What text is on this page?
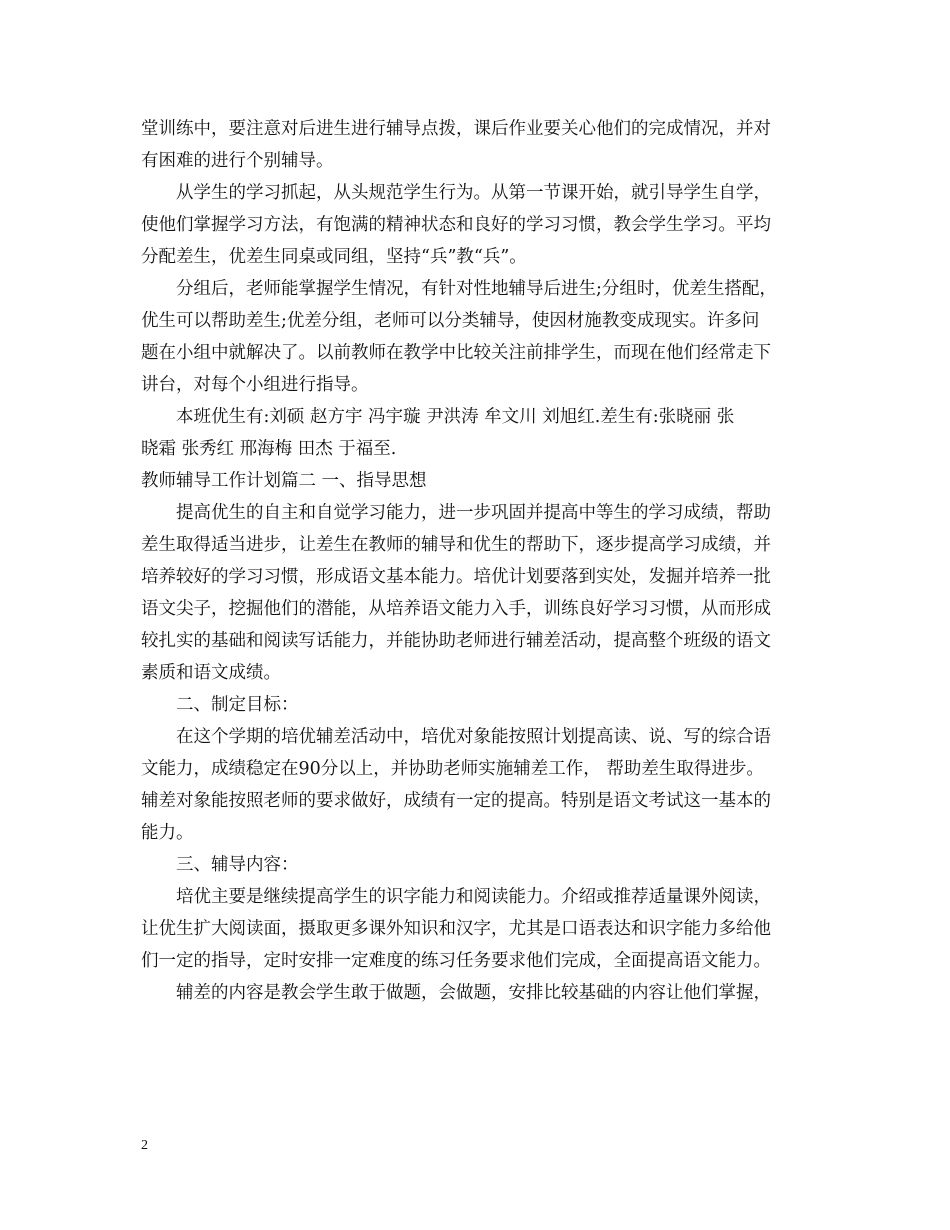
堂训练中，要注意对后进生进行辅导点拨，课后作业要关心他们的完成情况，并对
有困难的进行个别辅导。
从学生的学习抓起，从头规范学生行为。从第一节课开始，就引导学生自学，
使他们掌握学习方法，有饱满的精神状态和良好的学习习惯，教会学生学习。平均
分配差生，优差生同桌或同组，坚持“兵”教“兵”。
分组后，老师能掌握学生情况，有针对性地辅导后进生;分组时，优差生搭配，
优生可以帮助差生;优差分组，老师可以分类辅导，使因材施教变成现实。许多问
题在小组中就解决了。以前教师在教学中比较关注前排学生，而现在他们经常走下
讲台，对每个小组进行指导。
本班优生有:刘硕 赵方宇 冯宇璇 尹洪涛 牟文川 刘旭红.差生有:张晓丽 张
晓霜 张秀红 邢海梅 田杰 于福至.
教师辅导工作计划篇二 一、指导思想
提高优生的自主和自觉学习能力，进一步巩固并提高中等生的学习成绩，帮助
差生取得适当进步，让差生在教师的辅导和优生的帮助下，逐步提高学习成绩，并
培养较好的学习习惯，形成语文基本能力。培优计划要落到实处，发掘并培养一批
语文尖子，挖掘他们的潜能，从培养语文能力入手，训练良好学习习惯，从而形成
较扎实的基础和阅读写话能力，并能协助老师进行辅差活动，提高整个班级的语文
素质和语文成绩。
二、制定目标：
在这个学期的培优辅差活动中，培优对象能按照计划提高读、说、写的综合语
文能力，成绩稳定在90分以上，并协助老师实施辅差工作， 帮助差生取得进步。
辅差对象能按照老师的要求做好，成绩有一定的提高。特别是语文考试这一基本的
能力。
三、辅导内容：
培优主要是继续提高学生的识字能力和阅读能力。介绍或推荐适量课外阅读，
让优生扩大阅读面，摄取更多课外知识和汉字，尤其是口语表达和识字能力多给他
们一定的指导，定时安排一定难度的练习任务要求他们完成，全面提高语文能力。
辅差的内容是教会学生敢于做题，会做题，安排比较基础的内容让他们掌握，
2
